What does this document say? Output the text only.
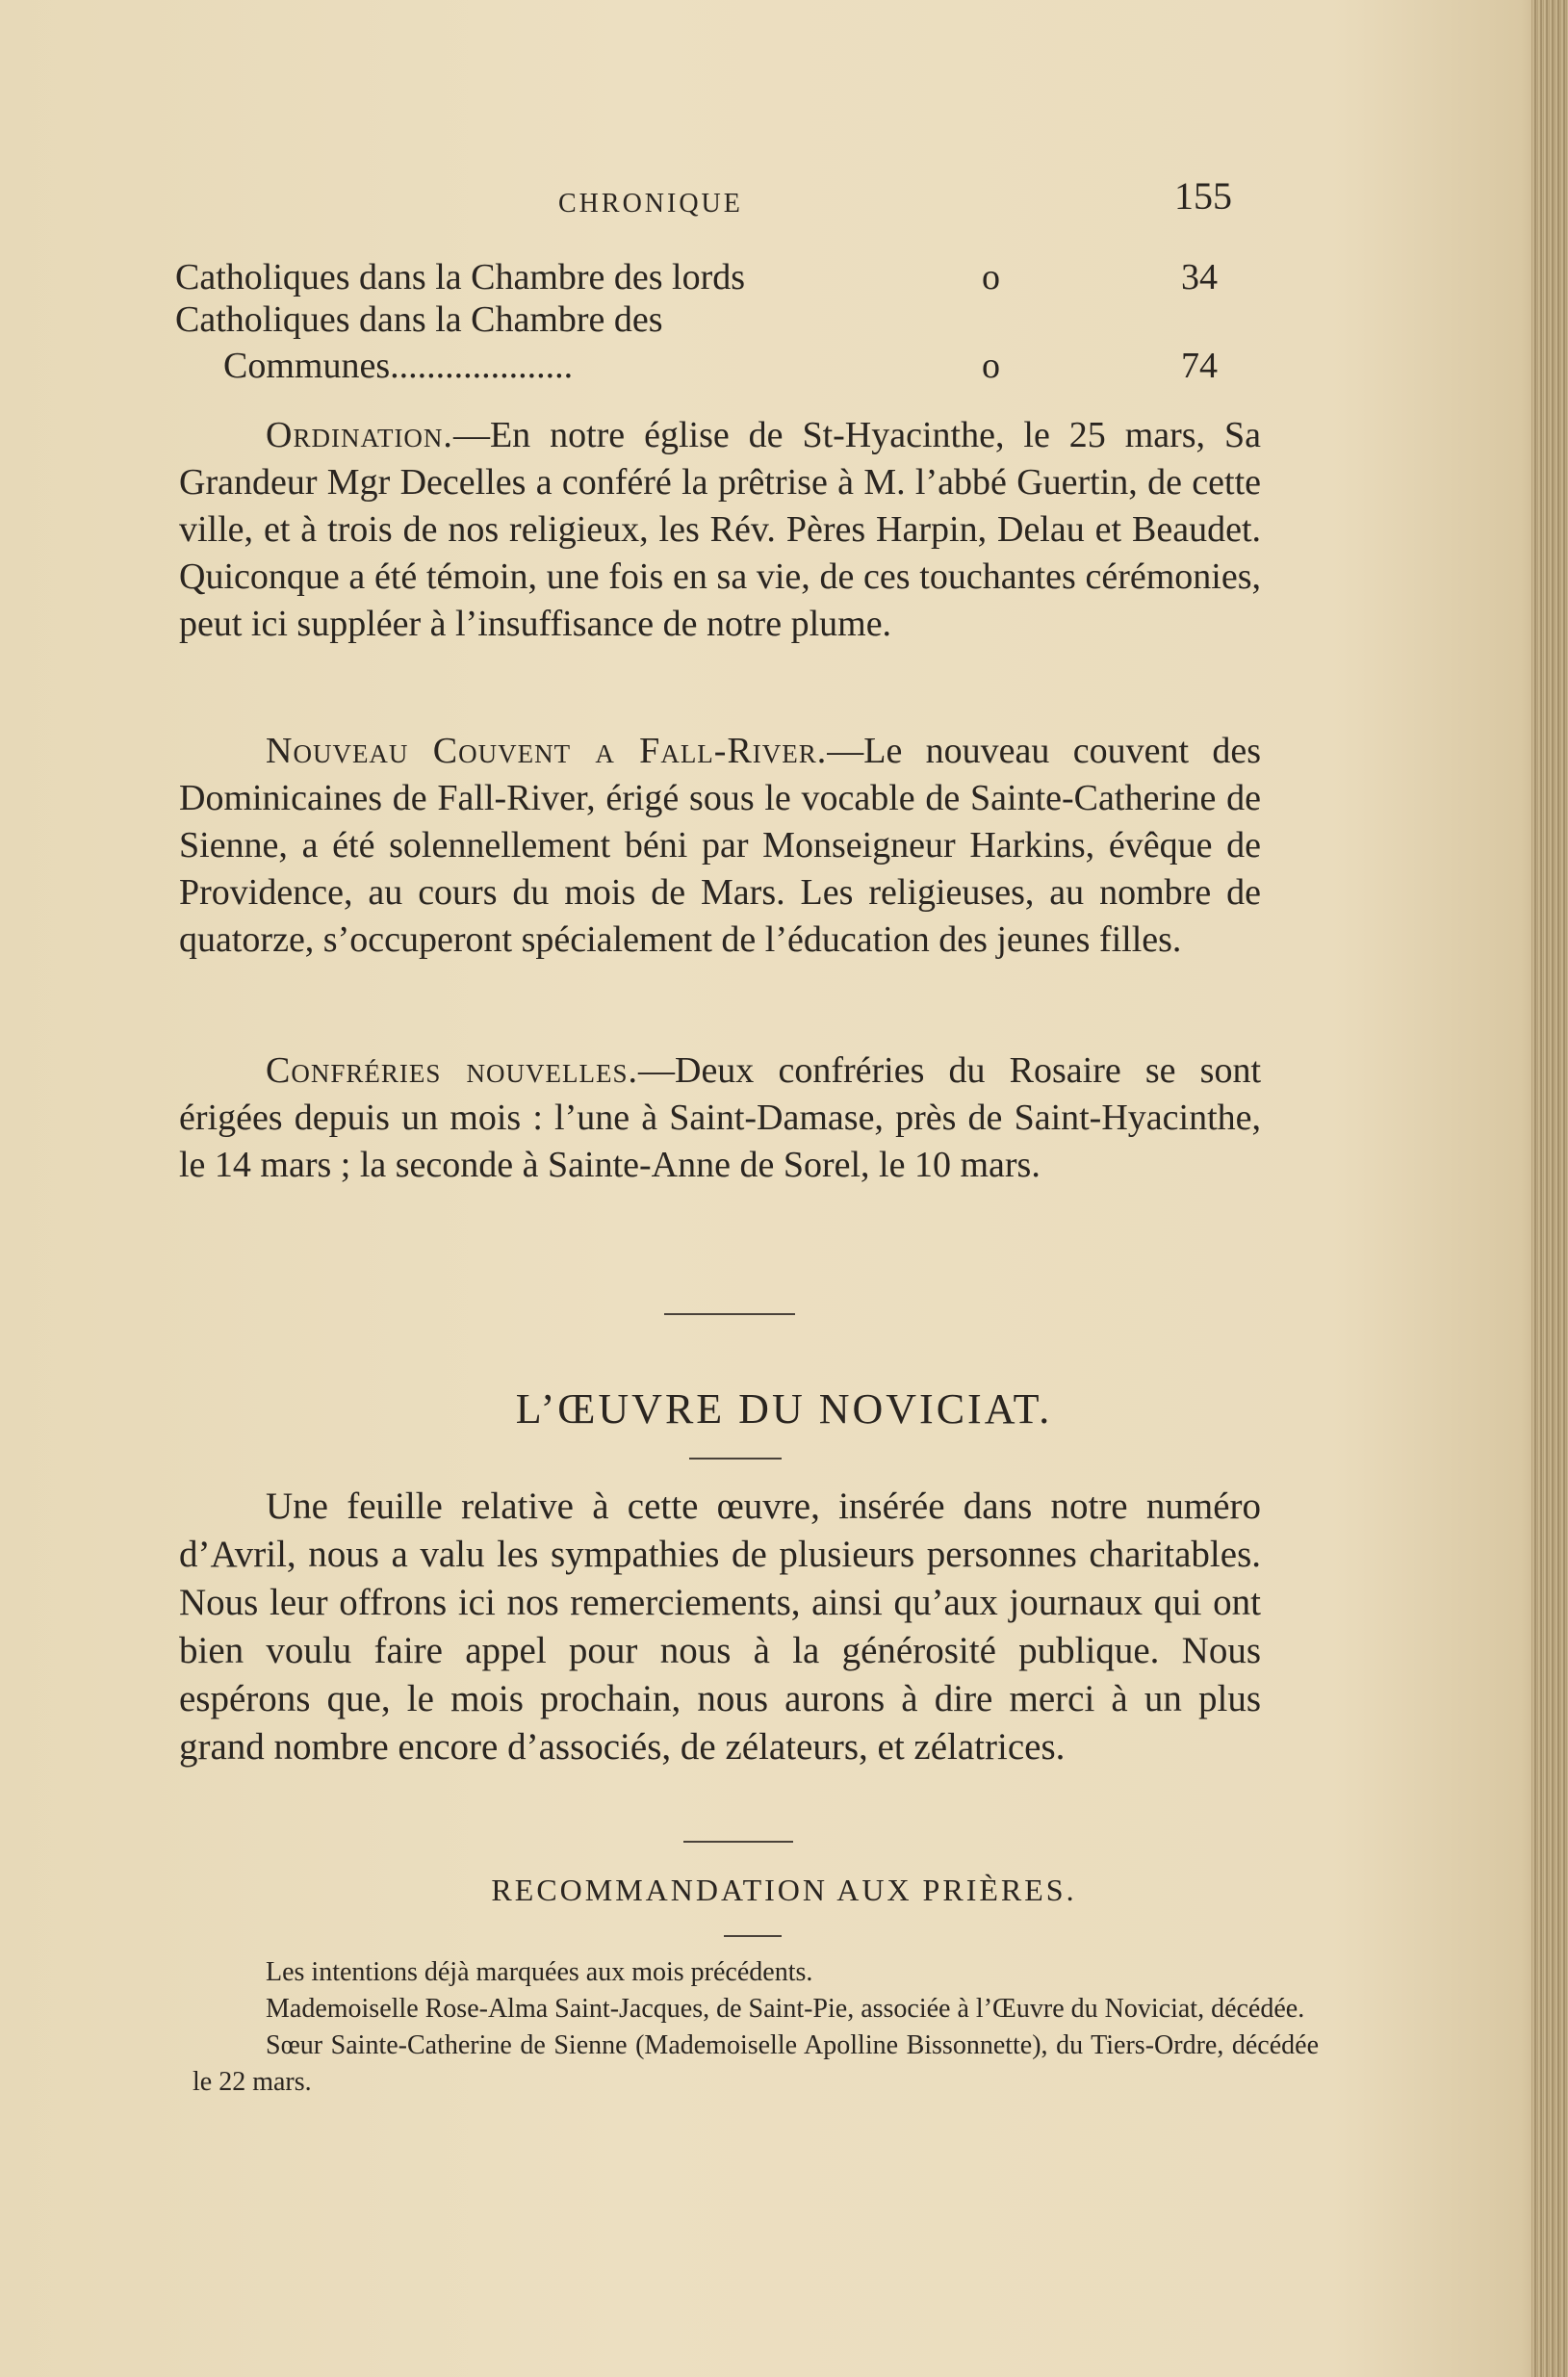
CHRONIQUE	155
Catholiques dans la Chambre des lords	o	34
Catholiques dans la Chambre des
Communes....................	o	74

Ordination.—En notre église de St-Hyacinthe, le 25 mars, Sa Grandeur Mgr Decelles a conféré la prêtrise à M. l’abbé Guertin, de cette ville, et à trois de nos religieux, les Rév. Pères Harpin, Delau et Beaudet. Quiconque a été témoin, une fois en sa vie, de ces touchantes cérémonies, peut ici suppléer à l’insuffisance de notre plume.

Nouveau Couvent a Fall-River.—Le nouveau couvent des Dominicaines de Fall-River, érigé sous le vocable de Sainte-Catherine de Sienne, a été solennellement béni par Monseigneur Harkins, évêque de Providence, au cours du mois de Mars. Les religieuses, au nombre de quatorze, s’occuperont spécialement de l’éducation des jeunes filles.

Confréries nouvelles.—Deux confréries du Rosaire se sont érigées depuis un mois : l’une à Saint-Damase, près de Saint-Hyacinthe, le 14 mars ; la seconde à Sainte-Anne de Sorel, le 10 mars.

L’ŒUVRE DU NOVICIAT.

Une feuille relative à cette œuvre, insérée dans notre numéro d’Avril, nous a valu les sympathies de plusieurs personnes charitables. Nous leur offrons ici nos remerciements, ainsi qu’aux journaux qui ont bien voulu faire appel pour nous à la générosité publique. Nous espérons que, le mois prochain, nous aurons à dire merci à un plus grand nombre encore d’associés, de zélateurs, et zélatrices.

RECOMMANDATION AUX PRIÈRES.

Les intentions déjà marquées aux mois précédents.

Mademoiselle Rose-Alma Saint-Jacques, de Saint-Pie, associée à l’Œuvre du Noviciat, décédée.

Sœur Sainte-Catherine de Sienne (Mademoiselle Apolline Bissonnette), du Tiers-Ordre, décédée le 22 mars.
